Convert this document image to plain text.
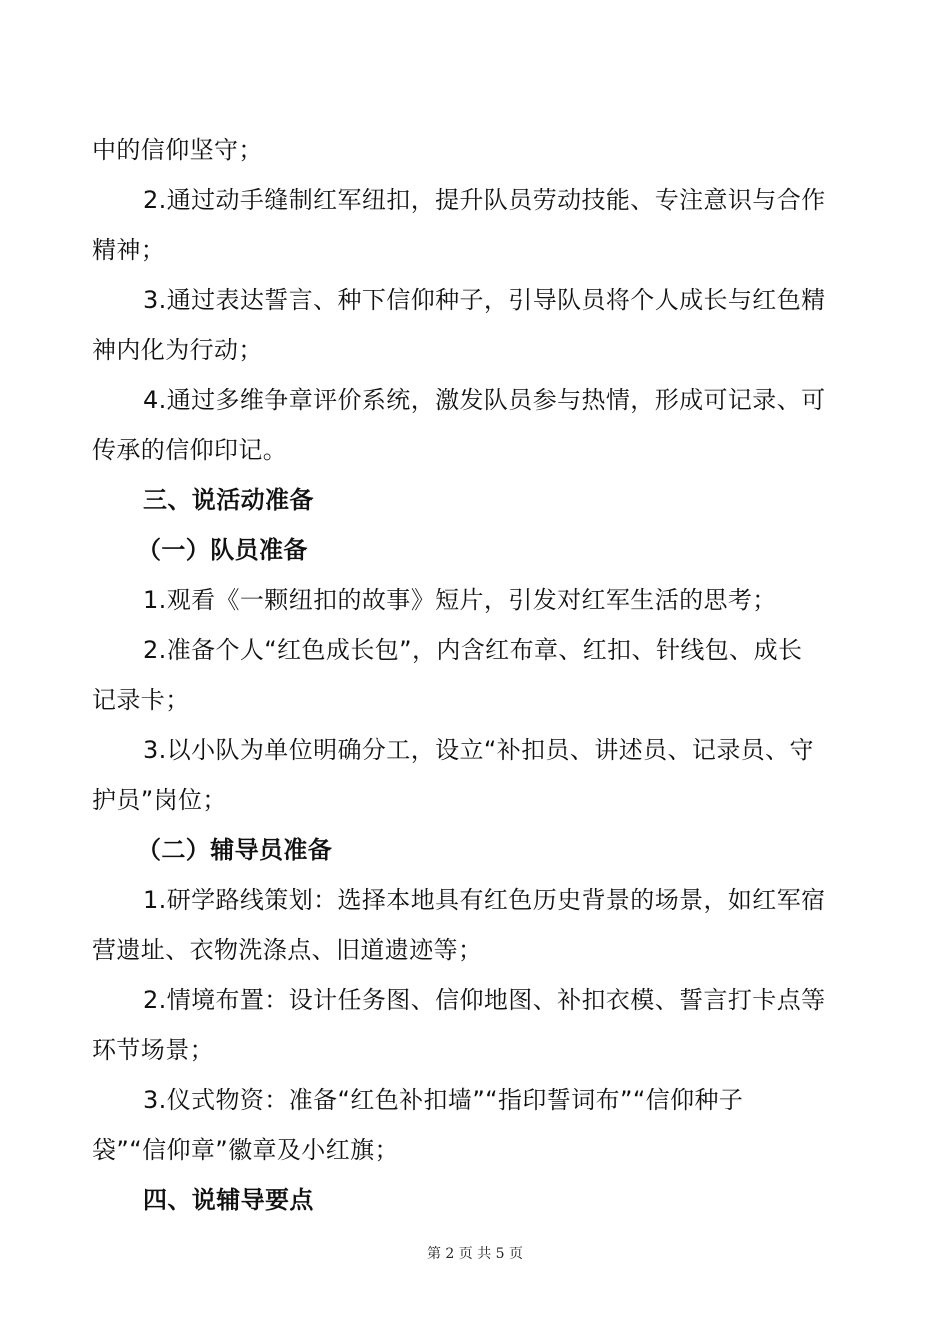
中的信仰坚守；
2.通过动手缝制红军纽扣，提升队员劳动技能、专注意识与合作
精神；
3.通过表达誓言、种下信仰种子，引导队员将个人成长与红色精
神内化为行动；
4.通过多维争章评价系统，激发队员参与热情，形成可记录、可
传承的信仰印记。
三、说活动准备
（一）队员准备
1.观看《一颗纽扣的故事》短片，引发对红军生活的思考；
2.准备个人“红色成长包”，内含红布章、红扣、针线包、成长
记录卡；
3.以小队为单位明确分工，设立“补扣员、讲述员、记录员、守
护员”岗位；
（二）辅导员准备
1.研学路线策划：选择本地具有红色历史背景的场景，如红军宿
营遗址、衣物洗涤点、旧道遗迹等；
2.情境布置：设计任务图、信仰地图、补扣衣模、誓言打卡点等
环节场景；
3.仪式物资：准备“红色补扣墙”“指印誓词布”“信仰种子
袋”“信仰章”徽章及小红旗；
四、说辅导要点
第 2 页 共 5 页
